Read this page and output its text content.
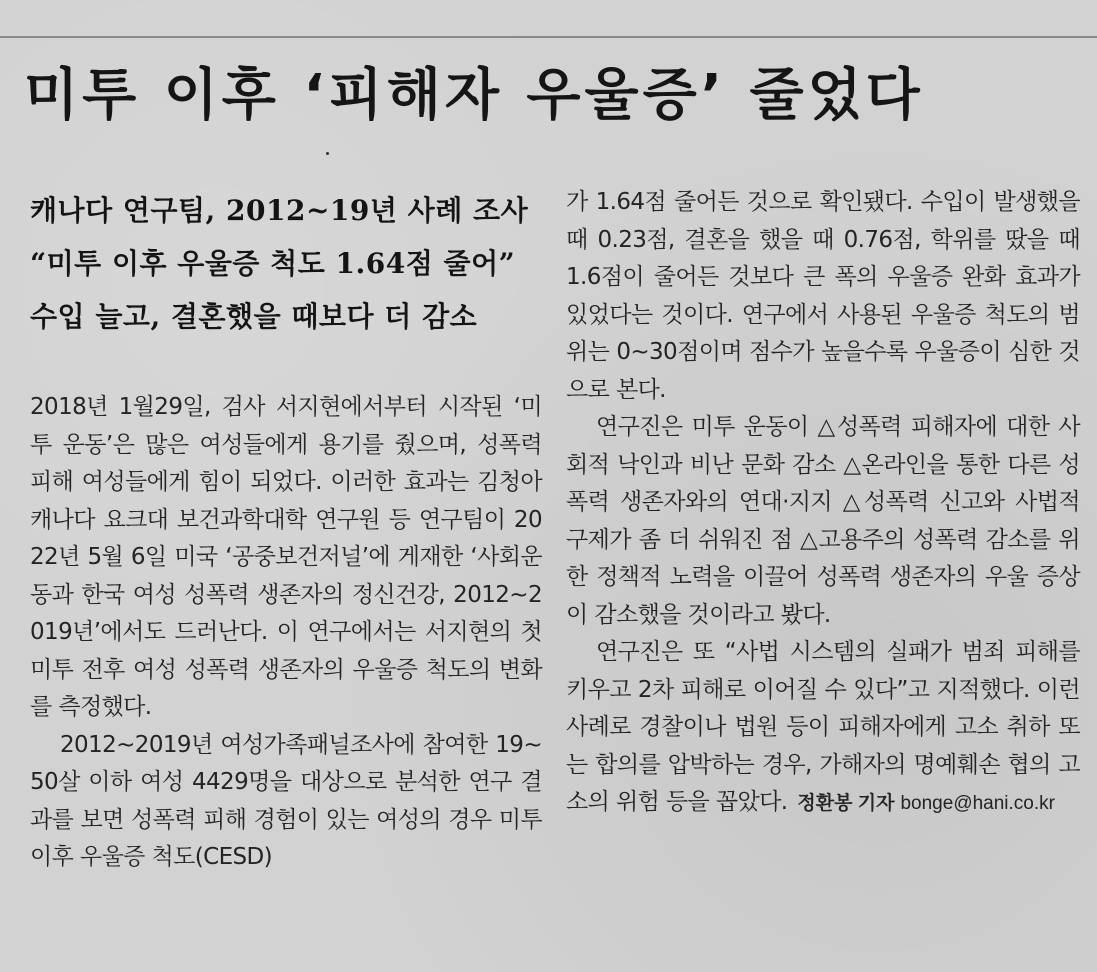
미투 이후 ‘피해자 우울증’ 줄었다
캐나다 연구팀, 2012~19년 사례 조사
“미투 이후 우울증 척도 1.64점 줄어”
수입 늘고, 결혼했을 때보다 더 감소

2018년 1월29일, 검사 서지현에서부터 시작된 ‘미투 운동’은 많은 여성들에게 용기를 줬으며, 성폭력 피해 여성들에게 힘이 되었다. 이러한 효과는 김청아 캐나다 요크대 보건과학대학 연구원 등 연구팀이 2022년 5월 6일 미국 ‘공중보건저널’에 게재한 ‘사회운동과 한국 여성 성폭력 생존자의 정신건강, 2012~2019년’에서도 드러난다. 이 연구에서는 서지현의 첫 미투 전후 여성 성폭력 생존자의 우울증 척도의 변화를 측정했다.

2012~2019년 여성가족패널조사에 참여한 19~50살 이하 여성 4429명을 대상으로 분석한 연구 결과를 보면 성폭력 피해 경험이 있는 여성의 경우 미투 이후 우울증 척도(CESD)

가 1.64점 줄어든 것으로 확인됐다. 수입이 발생했을 때 0.23점, 결혼을 했을 때 0.76점, 학위를 땄을 때 1.6점이 줄어든 것보다 큰 폭의 우울증 완화 효과가 있었다는 것이다. 연구에서 사용된 우울증 척도의 범위는 0~30점이며 점수가 높을수록 우울증이 심한 것으로 본다.

연구진은 미투 운동이 △성폭력 피해자에 대한 사회적 낙인과 비난 문화 감소 △온라인을 통한 다른 성폭력 생존자와의 연대·지지 △성폭력 신고와 사법적 구제가 좀 더 쉬워진 점 △고용주의 성폭력 감소를 위한 정책적 노력을 이끌어 성폭력 생존자의 우울 증상이 감소했을 것이라고 봤다.

연구진은 또 “사법 시스템의 실패가 범죄 피해를 키우고 2차 피해로 이어질 수 있다”고 지적했다. 이런 사례로 경찰이나 법원 등이 피해자에게 고소 취하 또는 합의를 압박하는 경우, 가해자의 명예훼손 협의 고소의 위험 등을 꼽았다. 정환봉 기자 bonge@hani.co.kr
